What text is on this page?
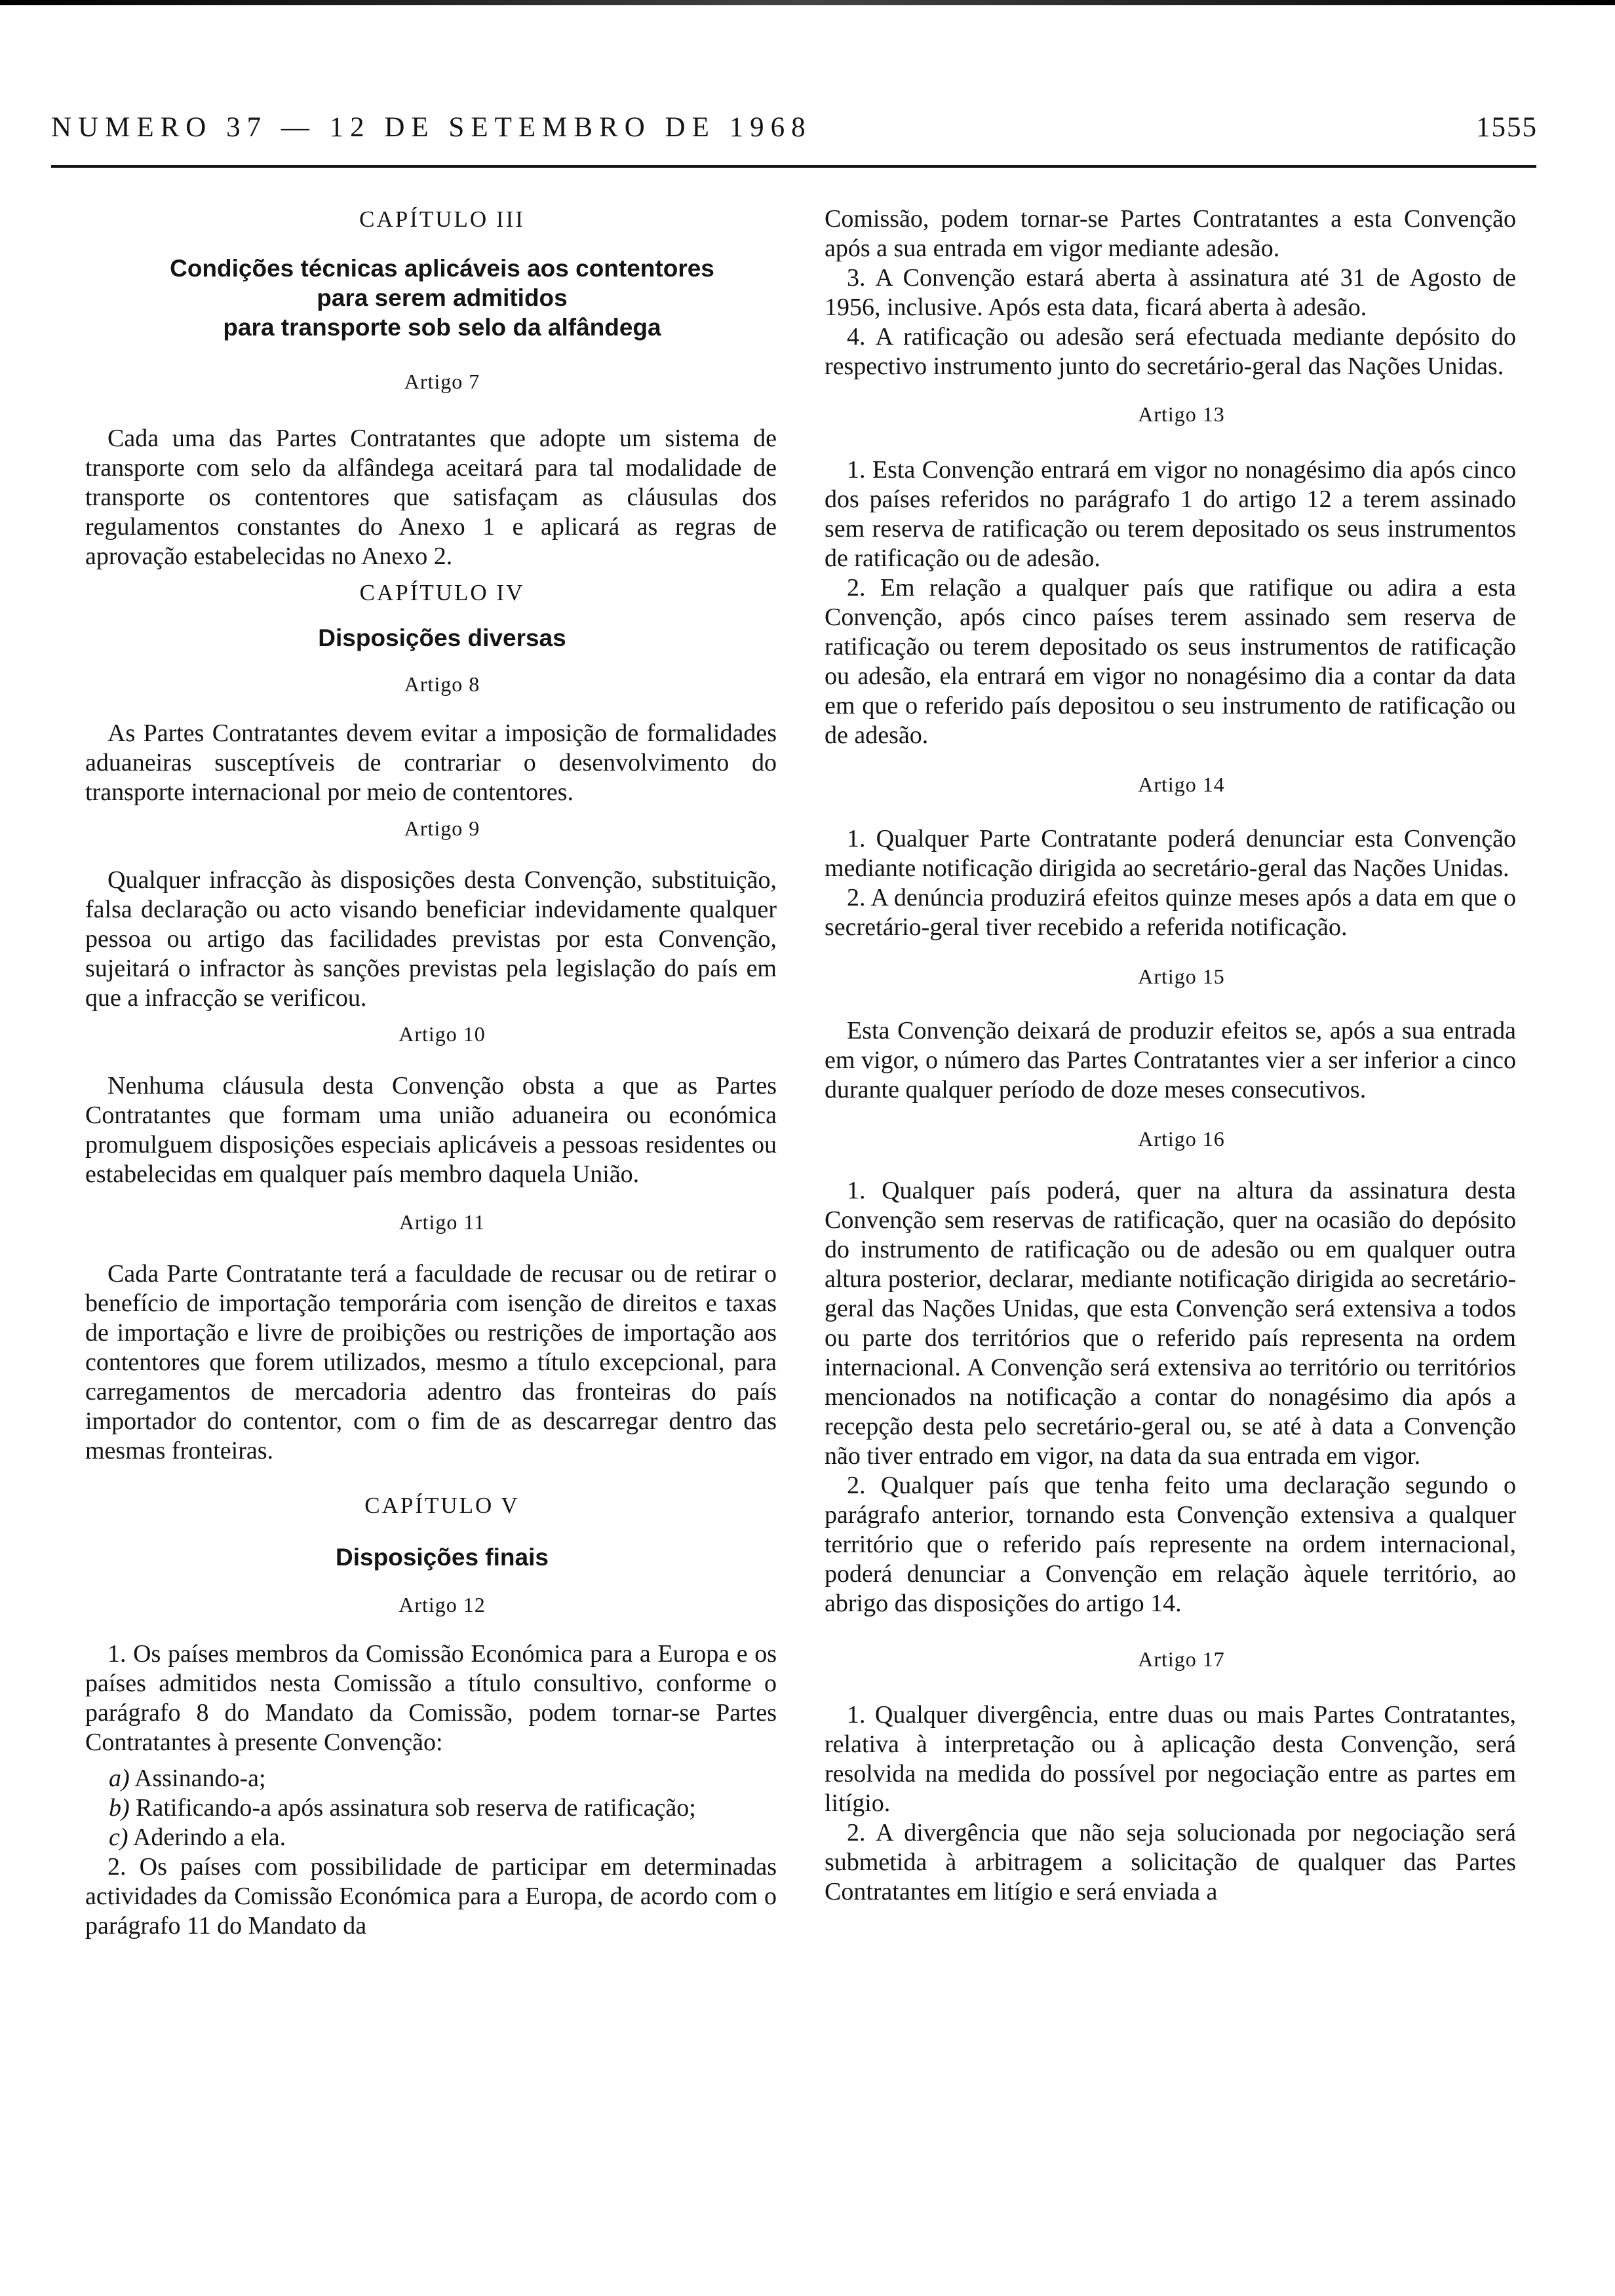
NUMERO 37 — 12 DE SETEMBRO DE 1968	1555

CAPÍTULO III

Condições técnicas aplicáveis aos contentores

para serem admitidos

para transporte sob selo da alfândega

Artigo 7

Cada uma das Partes Contratantes que adopte um sistema de transporte com selo da alfândega aceitará para tal modalidade de transporte os contentores que satisfaçam as cláusulas dos regulamentos constantes do Anexo 1 e aplicará as regras de aprovação estabelecidas no Anexo 2.

CAPÍTULO IV

Disposições diversas

Artigo 8

As Partes Contratantes devem evitar a imposição de formalidades aduaneiras susceptíveis de contrariar o desenvolvimento do transporte internacional por meio de contentores.

Artigo 9

Qualquer infracção às disposições desta Convenção, substituição, falsa declaração ou acto visando beneficiar indevidamente qualquer pessoa ou artigo das facilidades previstas por esta Convenção, sujeitará o infractor às sanções previstas pela legislação do país em que a infracção se verificou.

Artigo 10

Nenhuma cláusula desta Convenção obsta a que as Partes Contratantes que formam uma união aduaneira ou económica promulguem disposições especiais aplicáveis a pessoas residentes ou estabelecidas em qualquer país membro daquela União.

Artigo 11

Cada Parte Contratante terá a faculdade de recusar ou de retirar o benefício de importação temporária com isenção de direitos e taxas de importação e livre de proibições ou restrições de importação aos contentores que forem utilizados, mesmo a título excepcional, para carregamentos de mercadoria adentro das fronteiras do país importador do contentor, com o fim de as descarregar dentro das mesmas fronteiras.

CAPÍTULO V

Disposições finais

Artigo 12

1. Os países membros da Comissão Económica para a Europa e os países admitidos nesta Comissão a título consultivo, conforme o parágrafo 8 do Mandato da Comissão, podem tornar-se Partes Contratantes à presente Convenção:

a) Assinando-a;

b) Ratificando-a após assinatura sob reserva de ratificação;

c) Aderindo a ela.

2. Os países com possibilidade de participar em determinadas actividades da Comissão Económica para a Europa, de acordo com o parágrafo 11 do Mandato da

Comissão, podem tornar-se Partes Contratantes a esta Convenção após a sua entrada em vigor mediante adesão.

3. A Convenção estará aberta à assinatura até 31 de Agosto de 1956, inclusive. Após esta data, ficará aberta à adesão.

4. A ratificação ou adesão será efectuada mediante depósito do respectivo instrumento junto do secretário-geral das Nações Unidas.

Artigo 13

1. Esta Convenção entrará em vigor no nonagésimo dia após cinco dos países referidos no parágrafo 1 do artigo 12 a terem assinado sem reserva de ratificação ou terem depositado os seus instrumentos de ratificação ou de adesão.

2. Em relação a qualquer país que ratifique ou adira a esta Convenção, após cinco países terem assinado sem reserva de ratificação ou terem depositado os seus instrumentos de ratificação ou adesão, ela entrará em vigor no nonagésimo dia a contar da data em que o referido país depositou o seu instrumento de ratificação ou de adesão.

Artigo 14

1. Qualquer Parte Contratante poderá denunciar esta Convenção mediante notificação dirigida ao secretário-geral das Nações Unidas.

2. A denúncia produzirá efeitos quinze meses após a data em que o secretário-geral tiver recebido a referida notificação.

Artigo 15

Esta Convenção deixará de produzir efeitos se, após a sua entrada em vigor, o número das Partes Contratantes vier a ser inferior a cinco durante qualquer período de doze meses consecutivos.

Artigo 16

1. Qualquer país poderá, quer na altura da assinatura desta Convenção sem reservas de ratificação, quer na ocasião do depósito do instrumento de ratificação ou de adesão ou em qualquer outra altura posterior, declarar, mediante notificação dirigida ao secretário-geral das Nações Unidas, que esta Convenção será extensiva a todos ou parte dos territórios que o referido país representa na ordem internacional. A Convenção será extensiva ao território ou territórios mencionados na notificação a contar do nonagésimo dia após a recepção desta pelo secretário-geral ou, se até à data a Convenção não tiver entrado em vigor, na data da sua entrada em vigor.

2. Qualquer país que tenha feito uma declaração segundo o parágrafo anterior, tornando esta Convenção extensiva a qualquer território que o referido país represente na ordem internacional, poderá denunciar a Convenção em relação àquele território, ao abrigo das disposições do artigo 14.

Artigo 17

1. Qualquer divergência, entre duas ou mais Partes Contratantes, relativa à interpretação ou à aplicação desta Convenção, será resolvida na medida do possível por negociação entre as partes em litígio.

2. A divergência que não seja solucionada por negociação será submetida à arbitragem a solicitação de qualquer das Partes Contratantes em litígio e será enviada a
